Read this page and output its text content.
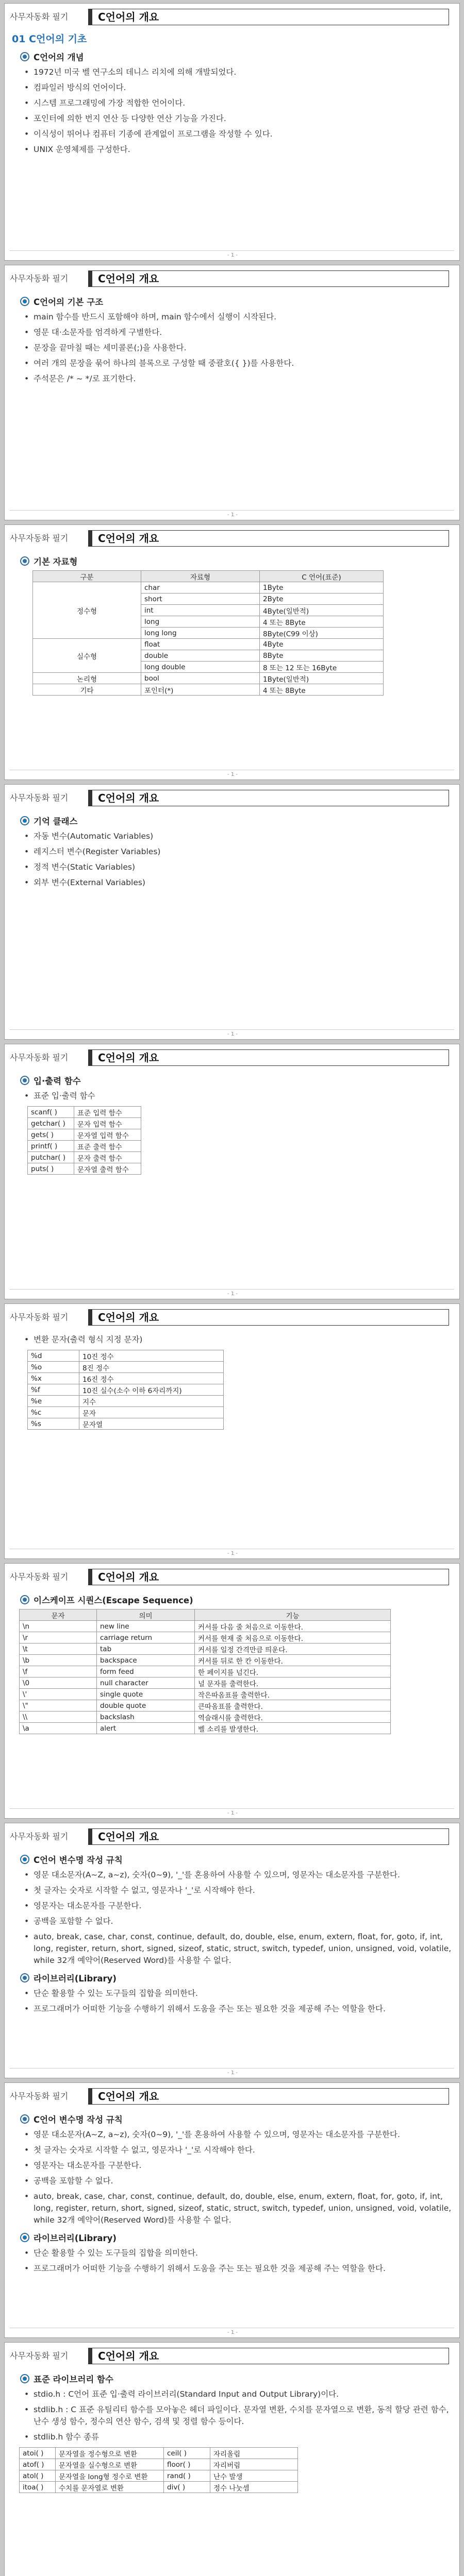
사무자동화 필기	C언어의 개요
- 1 -
01 C언어의 기초
C언어의 개념
• 1972년 미국 벨 연구소의 데니스 리치에 의해 개발되었다.
• 컴파일러 방식의 언어이다.
• 시스템 프로그래밍에 가장 적합한 언어이다.
• 포인터에 의한 번지 연산 등 다양한 연산 기능을 가진다.
• 이식성이 뛰어나 컴퓨터 기종에 관계없이 프로그램을 작성할 수 있다.
• UNIX 운영체제를 구성한다.
사무자동화 필기	C언어의 개요
- 1 -
C언어의 기본 구조
• main 함수를 반드시 포함해야 하며, main 함수에서 실행이 시작된다.
• 영문 대·소문자를 엄격하게 구별한다.
• 문장을 끝마칠 때는 세미콜론(;)을 사용한다.
• 여러 개의 문장을 묶어 하나의 블록으로 구성할 때 중괄호({ })를 사용한다.
• 주석문은 /* ~ */로 표기한다.
사무자동화 필기	C언어의 개요
- 1 -
기본 자료형
구분	자료형	C 언어(표준)
정수형	char	1Byte
	short	2Byte
	int	4Byte(일반적)
	long	4 또는 8Byte
	long long	8Byte(C99 이상)
실수형	float	4Byte
	double	8Byte
	long double	8 또는 12 또는 16Byte
논리형	bool	1Byte(일반적)
기타	포인터(*)	4 또는 8Byte
사무자동화 필기	C언어의 개요
- 1 -
기억 클래스
• 자동 변수(Automatic Variables)
• 레지스터 변수(Register Variables)
• 정적 변수(Static Variables)
• 외부 변수(External Variables)
사무자동화 필기	C언어의 개요
- 1 -
입·출력 함수
• 표준 입·출력 함수
scanf( )	표준 입력 함수
getchar( )	문자 입력 함수
gets( )	문자열 입력 함수
printf( )	표준 출력 함수
putchar( )	문자 출력 함수
puts( )	문자열 출력 함수
사무자동화 필기	C언어의 개요
- 1 -
• 변환 문자(출력 형식 지정 문자)
%d	10진 정수
%o	8진 정수
%x	16진 정수
%f	10진 실수(소수 이하 6자리까지)
%e	지수
%c	문자
%s	문자열
사무자동화 필기	C언어의 개요
- 1 -
이스케이프 시퀀스(Escape Sequence)
문자	의미	기능
\n	new line	커서를 다음 줄 처음으로 이동한다.
\r	carriage return	커서를 현재 줄 처음으로 이동한다.
\t	tab	커서를 일정 간격만큼 띄운다.
\b	backspace	커서를 뒤로 한 칸 이동한다.
\f	form feed	한 페이지를 넘긴다.
\0	null character	널 문자를 출력한다.
\'	single quote	작은따옴표를 출력한다.
\"	double quote	큰따옴표를 출력한다.
\\	backslash	역슬래시를 출력한다.
\a	alert	벨 소리를 발생한다.
사무자동화 필기	C언어의 개요
- 1 -
C언어 변수명 작성 규칙
• 영문 대소문자(A~Z, a~z), 숫자(0~9), '_'를 혼용하여 사용할 수 있으며, 영문자는 대소문자를 구분한다.
• 첫 글자는 숫자로 시작할 수 없고, 영문자나 '_'로 시작해야 한다.
• 영문자는 대소문자를 구분한다.
• 공백을 포함할 수 없다.
• auto, break, case, char, const, continue, default, do, double, else, enum, extern, float, for, goto, if, int, long, register, return, short, signed, sizeof, static, struct, switch, typedef, union, unsigned, void, volatile, while 32개 예약어(Reserved Word)를 사용할 수 없다.
라이브러리(Library)
• 단순 활용할 수 있는 도구들의 집합을 의미한다.
• 프로그래머가 어떠한 기능을 수행하기 위해서 도움을 주는 또는 필요한 것을 제공해 주는 역할을 한다.
사무자동화 필기	C언어의 개요
- 1 -
C언어 변수명 작성 규칙
• 영문 대소문자(A~Z, a~z), 숫자(0~9), '_'를 혼용하여 사용할 수 있으며, 영문자는 대소문자를 구분한다.
• 첫 글자는 숫자로 시작할 수 없고, 영문자나 '_'로 시작해야 한다.
• 영문자는 대소문자를 구분한다.
• 공백을 포함할 수 없다.
• auto, break, case, char, const, continue, default, do, double, else, enum, extern, float, for, goto, if, int, long, register, return, short, signed, sizeof, static, struct, switch, typedef, union, unsigned, void, volatile, while 32개 예약어(Reserved Word)를 사용할 수 없다.
라이브러리(Library)
• 단순 활용할 수 있는 도구들의 집합을 의미한다.
• 프로그래머가 어떠한 기능을 수행하기 위해서 도움을 주는 또는 필요한 것을 제공해 주는 역할을 한다.
사무자동화 필기	C언어의 개요
표준 라이브러리 함수
• stdio.h : C언어 표준 입·출력 라이브러리(Standard Input and Output Library)이다.
• stdlib.h : C 표준 유틸리티 함수를 모아놓은 헤더 파일이다. 문자열 변환, 수치를 문자열으로 변환, 동적 할당 관련 함수, 난수 생성 함수, 정수의 연산 함수, 검색 및 정렬 함수 등이다.
• stdlib.h 함수 종류
atoi( )	문자열을 정수형으로 변환	ceil( )	자리올림
atof( )	문자열을 실수형으로 변환	floor( )	자리버림
atol( )	문자열을 long형 정수로 변환	rand( )	난수 발생
itoa( )	수치를 문자열로 변환	div( )	정수 나눗셈
